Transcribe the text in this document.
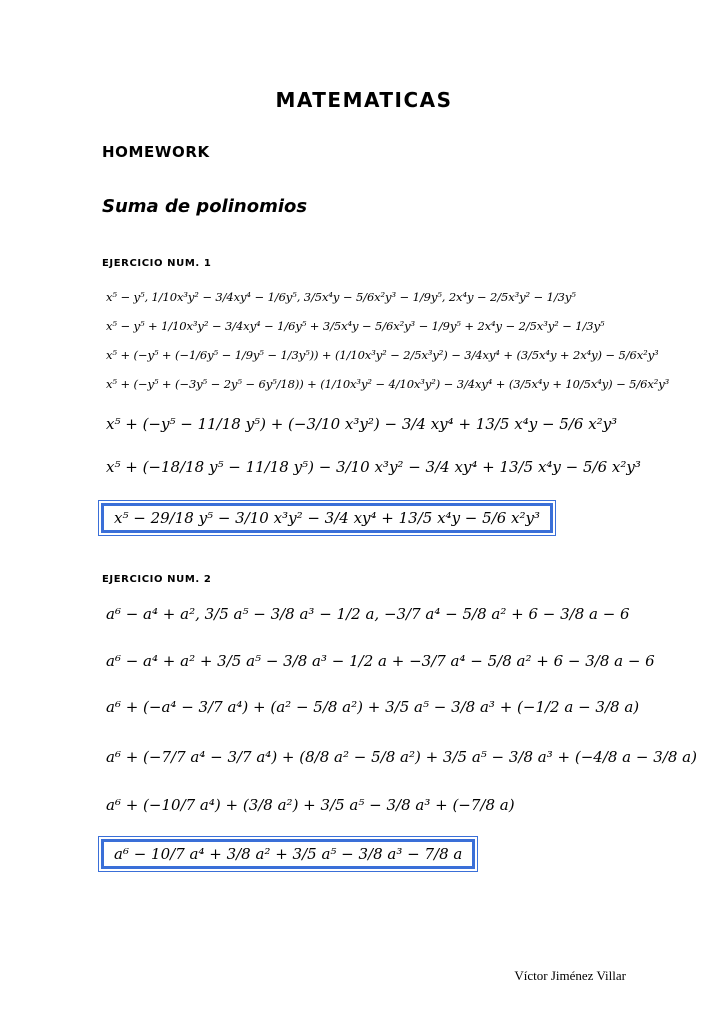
MATEMATICAS
HOMEWORK
Suma de polinomios
EJERCICIO NUM. 1
x⁵ − y⁵, 1/10x³y² − 3/4xy⁴ − 1/6y⁵, 3/5x⁴y − 5/6x²y³ − 1/9y⁵, 2x⁴y − 2/5x³y² − 1/3y⁵
x⁵ − y⁵ + 1/10x³y² − 3/4xy⁴ − 1/6y⁵ + 3/5x⁴y − 5/6x²y³ − 1/9y⁵ + 2x⁴y − 2/5x³y² − 1/3y⁵
x⁵ + (−y⁵ + (−1/6y⁵ − 1/9y⁵ − 1/3y⁵)) + (1/10x³y² − 2/5x³y²) − 3/4xy⁴ + (3/5x⁴y + 2x⁴y) − 5/6x²y³
x⁵ + (−y⁵ + (−3y⁵ − 2y⁵ − 6y⁵/18)) + (1/10x³y² − 4/10x³y²) − 3/4xy⁴ + (3/5x⁴y + 10/5x⁴y) − 5/6x²y³
x⁵ + (−y⁵ − 11/18 y⁵) + (−3/10 x³y²) − 3/4 xy⁴ + 13/5 x⁴y − 5/6 x²y³
x⁵ + (−18/18 y⁵ − 11/18 y⁵) − 3/10 x³y² − 3/4 xy⁴ + 13/5 x⁴y − 5/6 x²y³
x⁵ − 29/18 y⁵ − 3/10 x³y² − 3/4 xy⁴ + 13/5 x⁴y − 5/6 x²y³
EJERCICIO NUM. 2
a⁶ − a⁴ + a², 3/5 a⁵ − 3/8 a³ − 1/2 a, −3/7 a⁴ − 5/8 a² + 6 − 3/8 a − 6
a⁶ − a⁴ + a² + 3/5 a⁵ − 3/8 a³ − 1/2 a + −3/7 a⁴ − 5/8 a² + 6 − 3/8 a − 6
a⁶ + (−a⁴ − 3/7 a⁴) + (a² − 5/8 a²) + 3/5 a⁵ − 3/8 a³ + (−1/2 a − 3/8 a)
a⁶ + (−7/7 a⁴ − 3/7 a⁴) + (8/8 a² − 5/8 a²) + 3/5 a⁵ − 3/8 a³ + (−4/8 a − 3/8 a)
a⁶ + (−10/7 a⁴) + (3/8 a²) + 3/5 a⁵ − 3/8 a³ + (−7/8 a)
a⁶ − 10/7 a⁴ + 3/8 a² + 3/5 a⁵ − 3/8 a³ − 7/8 a
Víctor Jiménez Villar
